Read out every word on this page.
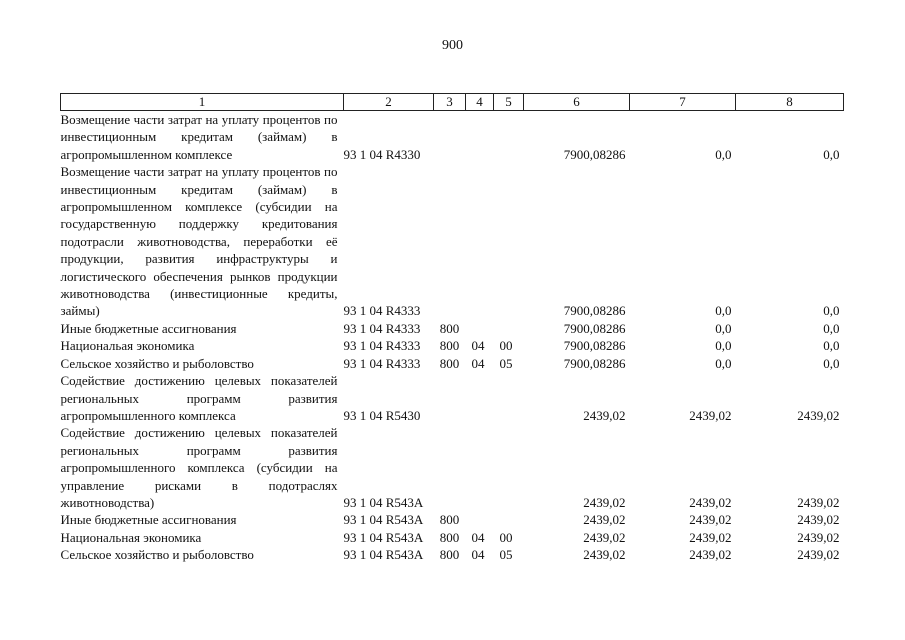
900
1	2	3	4	5	6	7	8
Возмещение части затрат на уплату процентов по инвестиционным кредитам (займам) в агропромышленном комплексе	93 1 04 R4330				7900,08286	0,0	0,0
Возмещение части затрат на уплату процентов по инвестиционным кредитам (займам) в агропромышленном комплексе (субсидии на государственную поддержку кредитования подотрасли животноводства, переработки её продукции, развития инфраструктуры и логистического обеспечения рынков продукции животноводства (инвестиционные кредиты, займы)	93 1 04 R4333				7900,08286	0,0	0,0
Иные бюджетные ассигнования	93 1 04 R4333	800			7900,08286	0,0	0,0
Национальая экономика	93 1 04 R4333	800	04	00	7900,08286	0,0	0,0
Сельское хозяйство и рыболовство	93 1 04 R4333	800	04	05	7900,08286	0,0	0,0
Содействие достижению целевых показателей региональных программ развития агропромышленного комплекса	93 1 04 R5430				2439,02	2439,02	2439,02
Содействие достижению целевых показателей региональных программ развития агропромышленного комплекса (субсидии на управление рисками в подотраслях животноводства)	93 1 04 R543A				2439,02	2439,02	2439,02
Иные бюджетные ассигнования	93 1 04 R543A	800			2439,02	2439,02	2439,02
Национальная экономика	93 1 04 R543A	800	04	00	2439,02	2439,02	2439,02
Сельское хозяйство и рыболовство	93 1 04 R543A	800	04	05	2439,02	2439,02	2439,02
